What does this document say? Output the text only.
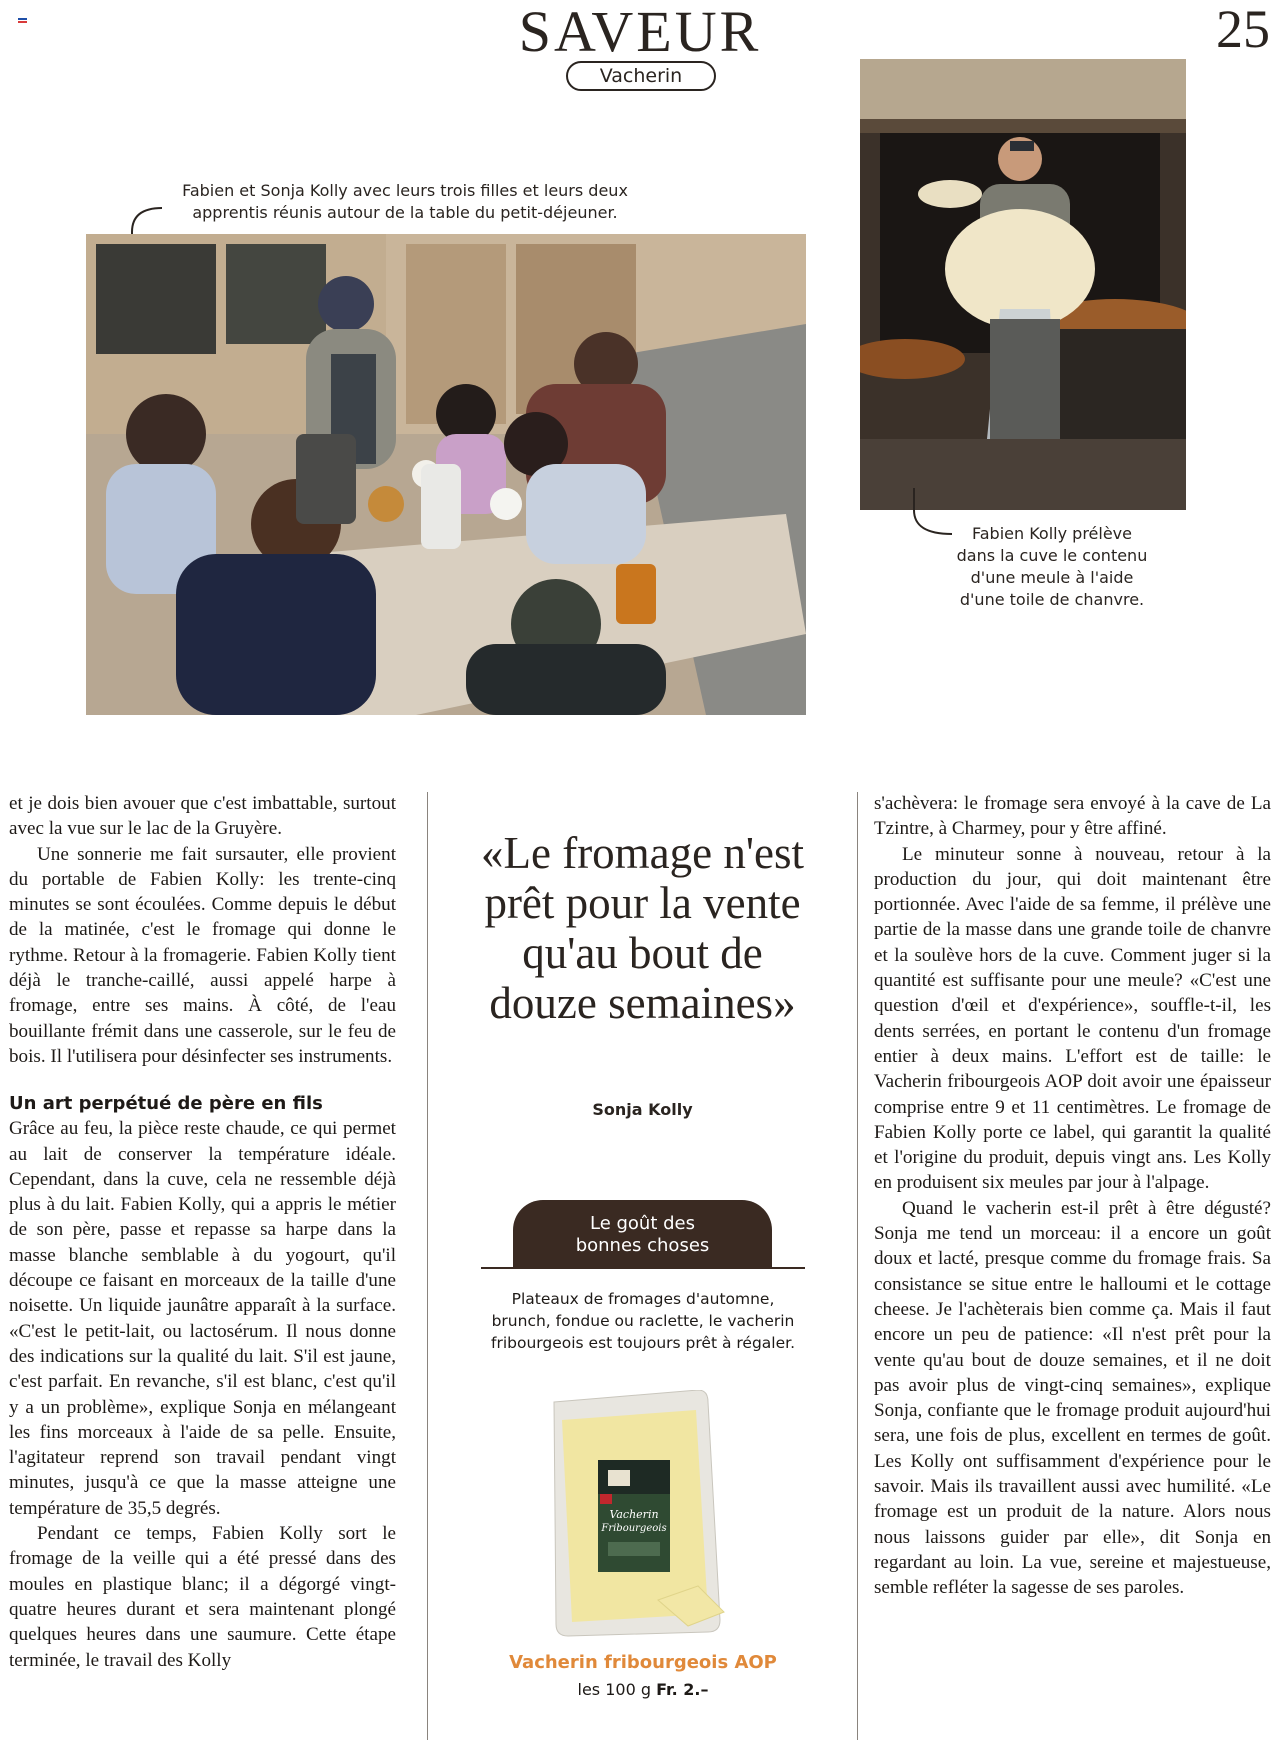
SAVEUR	25
Vacherin
Fabien et Sonja Kolly avec leurs trois filles et leurs deux apprentis réunis autour de la table du petit-déjeuner.
Fabien Kolly prélève dans la cuve le contenu d'une meule à l'aide d'une toile de chanvre.

et je dois bien avouer que c'est imbattable, surtout avec la vue sur le lac de la Gruyère.

Une sonnerie me fait sursauter, elle provient du portable de Fabien Kolly: les trente-cinq minutes se sont écoulées. Comme depuis le début de la matinée, c'est le fromage qui donne le rythme. Retour à la fromagerie. Fabien Kolly tient déjà le tranche-caillé, aussi appelé harpe à fromage, entre ses mains. À côté, de l'eau bouillante frémit dans une casserole, sur le feu de bois. Il l'utilisera pour désinfecter ses instruments.

Un art perpétué de père en fils

Grâce au feu, la pièce reste chaude, ce qui permet au lait de conserver la température idéale. Cependant, dans la cuve, cela ne ressemble déjà plus à du lait. Fabien Kolly, qui a appris le métier de son père, passe et repasse sa harpe dans la masse blanche semblable à du yogourt, qu'il découpe ce faisant en morceaux de la taille d'une noisette. Un liquide jaunâtre apparaît à la surface. «C'est le petit-lait, ou lactosérum. Il nous donne des indications sur la qualité du lait. S'il est jaune, c'est parfait. En revanche, s'il est blanc, c'est qu'il y a un problème», explique Sonja en mélangeant les fins morceaux à l'aide de sa pelle. Ensuite, l'agitateur reprend son travail pendant vingt minutes, jusqu'à ce que la masse atteigne une température de 35,5 degrés.

Pendant ce temps, Fabien Kolly sort le fromage de la veille qui a été pressé dans des moules en plastique blanc; il a dégorgé vingt-quatre heures durant et sera maintenant plongé quelques heures dans une saumure. Cette étape terminée, le travail des Kolly

«Le fromage n'est prêt pour la vente qu'au bout de douze semaines»
Sonja Kolly
Le goût des
bonnes choses
Plateaux de fromages d'automne, brunch, fondue ou raclette, le vacherin fribourgeois est toujours prêt à régaler.
Vacherin
Fribourgeois
Vacherin fribourgeois AOP
les 100 g Fr. 2.–

s'achèvera: le fromage sera envoyé à la cave de La Tzintre, à Charmey, pour y être affiné.

Le minuteur sonne à nouveau, retour à la production du jour, qui doit maintenant être portionnée. Avec l'aide de sa femme, il prélève une partie de la masse dans une grande toile de chanvre et la soulève hors de la cuve. Comment juger si la quantité est suffisante pour une meule? «C'est une question d'œil et d'expérience», souffle-t-il, les dents serrées, en portant le contenu d'un fromage entier à deux mains. L'effort est de taille: le Vacherin fribourgeois AOP doit avoir une épaisseur comprise entre 9 et 11 centimètres. Le fromage de Fabien Kolly porte ce label, qui garantit la qualité et l'origine du produit, depuis vingt ans. Les Kolly en produisent six meules par jour à l'alpage.

Quand le vacherin est-il prêt à être dégusté? Sonja me tend un morceau: il a encore un goût doux et lacté, presque comme du fromage frais. Sa consistance se situe entre le halloumi et le cottage cheese. Je l'achèterais bien comme ça. Mais il faut encore un peu de patience: «Il n'est prêt pour la vente qu'au bout de douze semaines, et il ne doit pas avoir plus de vingt-cinq semaines», explique Sonja, confiante que le fromage produit aujourd'hui sera, une fois de plus, excellent en termes de goût. Les Kolly ont suffisamment d'expérience pour le savoir. Mais ils travaillent aussi avec humilité. «Le fromage est un produit de la nature. Alors nous nous laissons guider par elle», dit Sonja en regardant au loin. La vue, sereine et majestueuse, semble refléter la sagesse de ses paroles.
